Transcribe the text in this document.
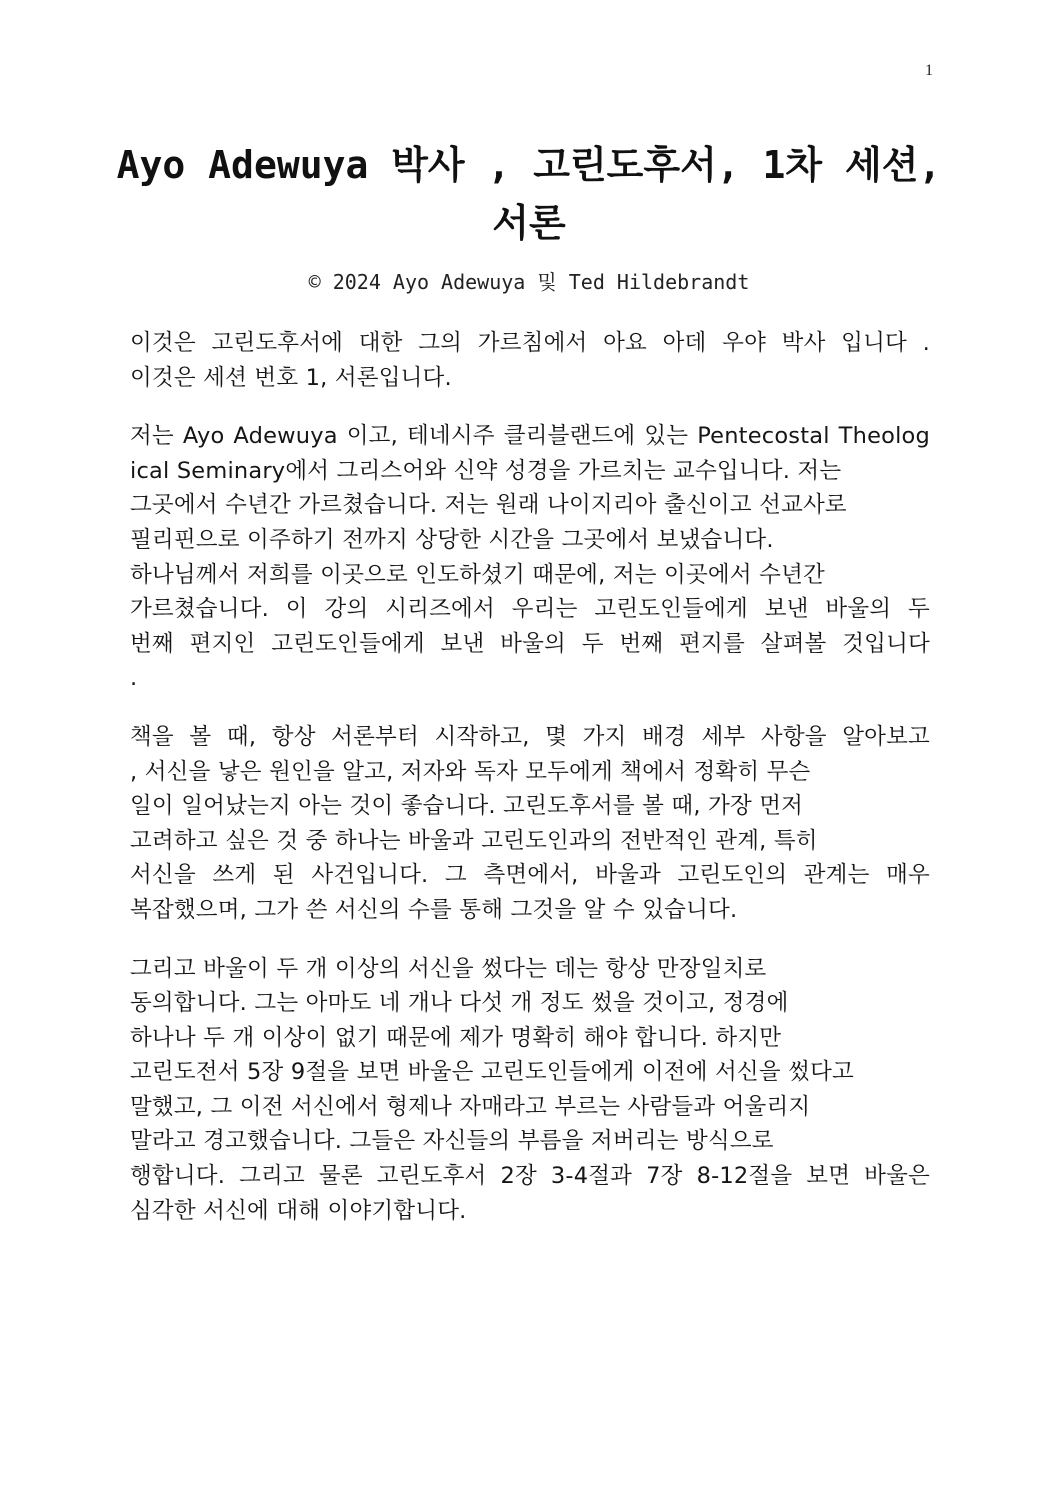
1
Ayo Adewuya 박사 , 고린도후서, 1차 세션,
서론
© 2024 Ayo Adewuya 및 Ted Hildebrandt
이것은 고린도후서에 대한 그의 가르침에서 아요 아데 우야 박사 입니다 .
이것은 세션 번호 1, 서론입니다.
저는 Ayo Adewuya 이고, 테네시주 클리블랜드에 있는 Pentecostal Theolog
ical Seminary에서 그리스어와 신약 성경을 가르치는 교수입니다. 저는
그곳에서 수년간 가르쳤습니다. 저는 원래 나이지리아 출신이고 선교사로
필리핀으로 이주하기 전까지 상당한 시간을 그곳에서 보냈습니다.
하나님께서 저희를 이곳으로 인도하셨기 때문에, 저는 이곳에서 수년간
가르쳤습니다. 이 강의 시리즈에서 우리는 고린도인들에게 보낸 바울의 두
번째 편지인 고린도인들에게 보낸 바울의 두 번째 편지를 살펴볼 것입니다
.
책을 볼 때, 항상 서론부터 시작하고, 몇 가지 배경 세부 사항을 알아보고
, 서신을 낳은 원인을 알고, 저자와 독자 모두에게 책에서 정확히 무슨
일이 일어났는지 아는 것이 좋습니다. 고린도후서를 볼 때, 가장 먼저
고려하고 싶은 것 중 하나는 바울과 고린도인과의 전반적인 관계, 특히
서신을 쓰게 된 사건입니다. 그 측면에서, 바울과 고린도인의 관계는 매우
복잡했으며, 그가 쓴 서신의 수를 통해 그것을 알 수 있습니다.
그리고 바울이 두 개 이상의 서신을 썼다는 데는 항상 만장일치로
동의합니다. 그는 아마도 네 개나 다섯 개 정도 썼을 것이고, 정경에
하나나 두 개 이상이 없기 때문에 제가 명확히 해야 합니다. 하지만
고린도전서 5장 9절을 보면 바울은 고린도인들에게 이전에 서신을 썼다고
말했고, 그 이전 서신에서 형제나 자매라고 부르는 사람들과 어울리지
말라고 경고했습니다. 그들은 자신들의 부름을 저버리는 방식으로
행합니다. 그리고 물론 고린도후서 2장 3-4절과 7장 8-12절을 보면 바울은
심각한 서신에 대해 이야기합니다.
